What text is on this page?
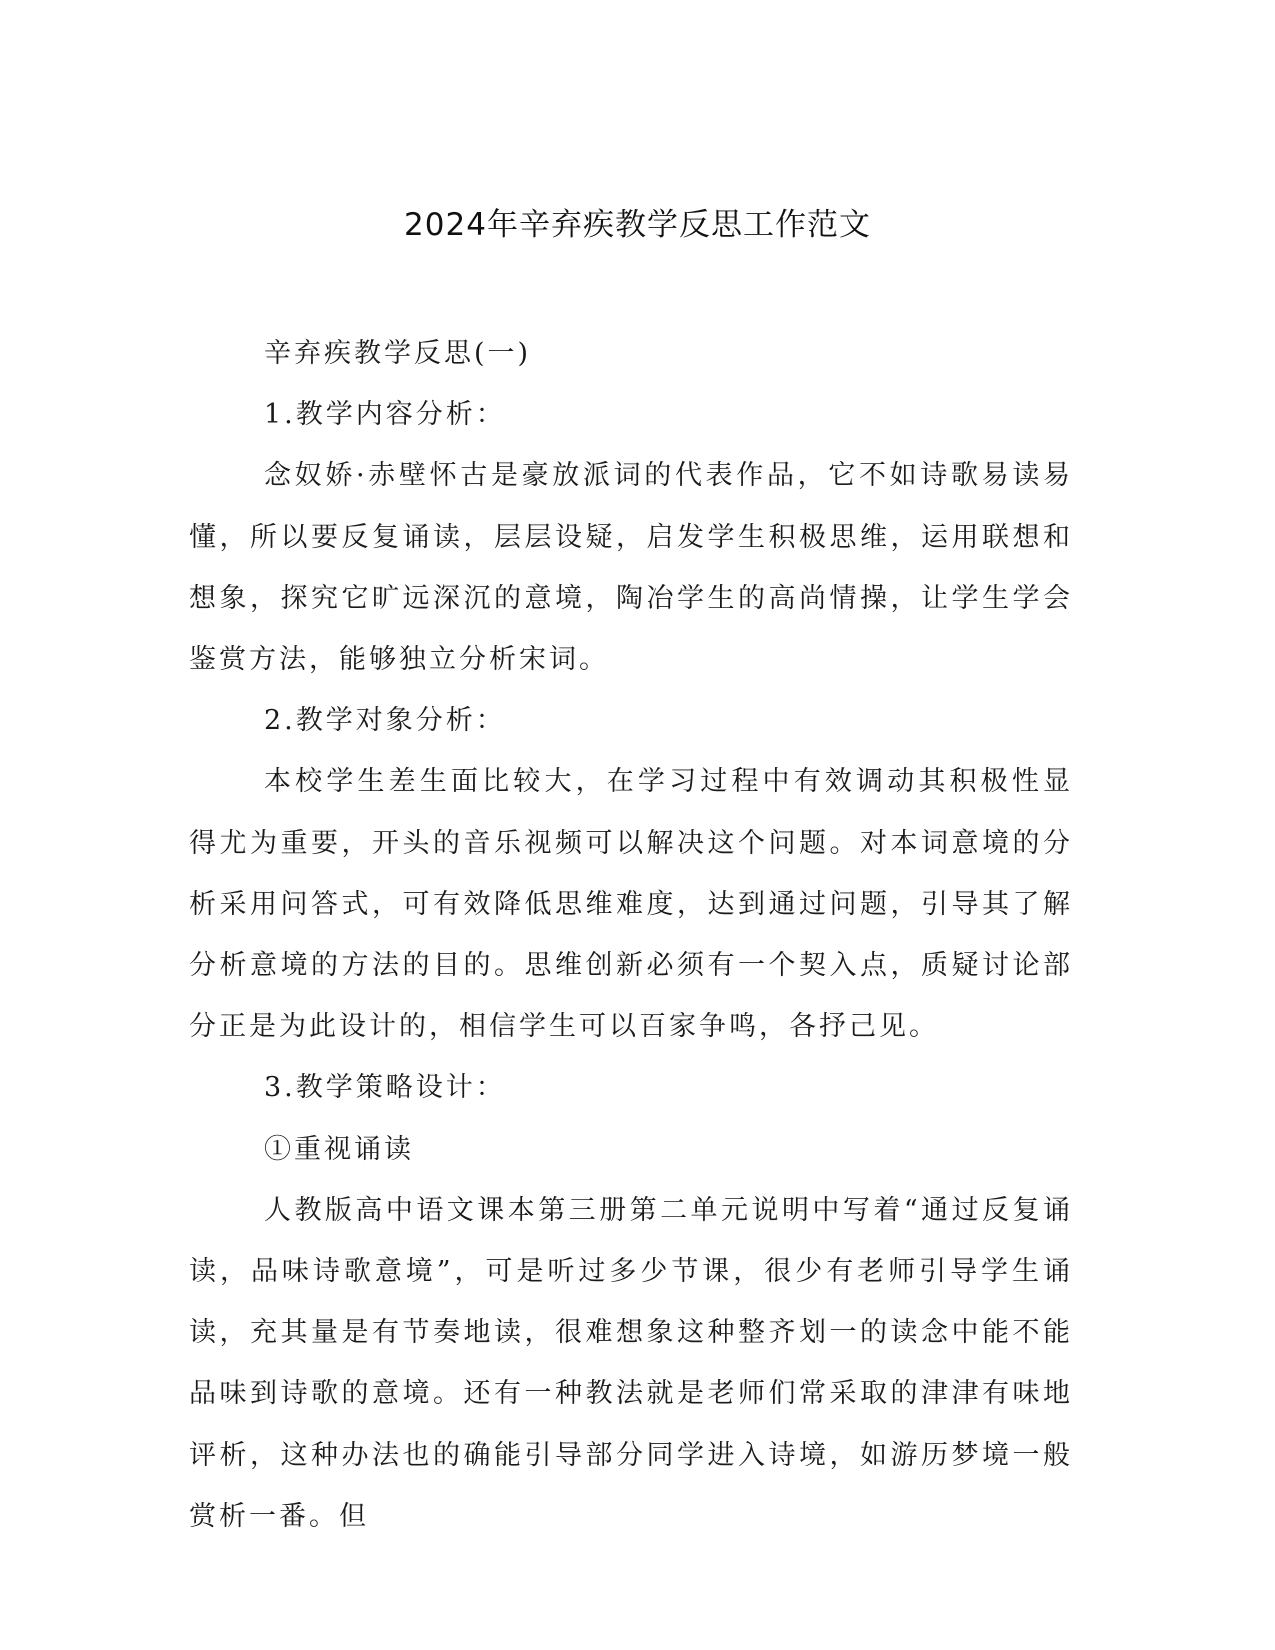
2024年辛弃疾教学反思工作范文

辛弃疾教学反思(一)

1.教学内容分析：

念奴娇·赤壁怀古是豪放派词的代表作品，它不如诗歌易读易懂，所以要反复诵读，层层设疑，启发学生积极思维，运用联想和想象，探究它旷远深沉的意境，陶冶学生的高尚情操，让学生学会鉴赏方法，能够独立分析宋词。

2.教学对象分析：

本校学生差生面比较大，在学习过程中有效调动其积极性显得尤为重要，开头的音乐视频可以解决这个问题。对本词意境的分析采用问答式，可有效降低思维难度，达到通过问题，引导其了解分析意境的方法的目的。思维创新必须有一个契入点，质疑讨论部分正是为此设计的，相信学生可以百家争鸣，各抒己见。

3.教学策略设计：

①重视诵读

人教版高中语文课本第三册第二单元说明中写着“通过反复诵读，品味诗歌意境”，可是听过多少节课，很少有老师引导学生诵读，充其量是有节奏地读，很难想象这种整齐划一的读念中能不能品味到诗歌的意境。还有一种教法就是老师们常采取的津津有味地评析，这种办法也的确能引导部分同学进入诗境，如游历梦境一般赏析一番。但
